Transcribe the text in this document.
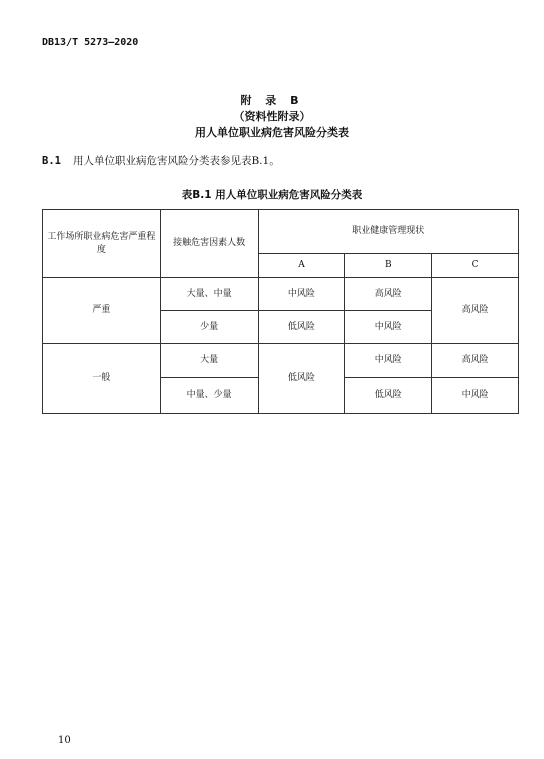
DB13/T 5273—2020
附 录 B
（资料性附录）
用人单位职业病危害风险分类表
B.1 用人单位职业病危害风险分类表参见表B.1。
表B.1 用人单位职业病危害风险分类表
工作场所职业病危害严重程度	接触危害因素人数	职业健康管理现状		
		A	B	C
严重	大量、中量	中风险	高风险	高风险
	少量	低风险	中风险	
一般	大量	低风险	中风险	高风险
	中量、少量		低风险	中风险
10
